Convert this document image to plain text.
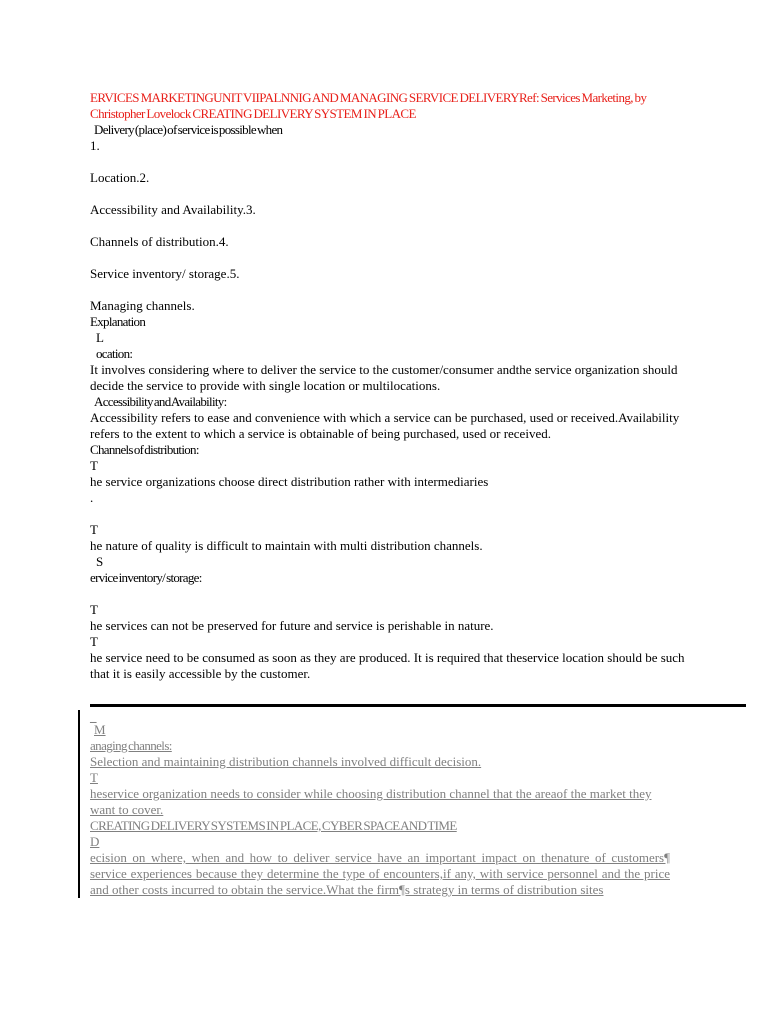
ERVICES MARKETINGUNIT VIIPALNNIG AND MANAGING SERVICE DELIVERYRef: Services Marketing, by Christopher Lovelock CREATING DELIVERY SYSTEM IN PLACE
Delivery (place) of service is possible when
1.
Location.2.
Accessibility and Availability.3.
Channels of distribution.4.
Service inventory/ storage.5.
Managing channels.
Explanation
L
ocation:
It involves considering where to deliver the service to the customer/consumer andthe service organization should decide the service to provide with single location or multilocations.
Accessibility and Availability:
Accessibility refers to ease and convenience with which a service can be purchased, used or received.Availability refers to the extent to which a service is obtainable of being purchased, used or received.
Channels of distribution:
T
he service organizations choose direct distribution rather with intermediaries
.
T
he nature of quality is difficult to maintain with multi distribution channels.
S
ervice inventory/ storage:
T
he services can not be preserved for future and service is perishable in nature.
T
he service need to be consumed as soon as they are produced. It is required that theservice location should be such that it is easily accessible by the customer.
_
M
anaging channels:
Selection and maintaining distribution channels involved difficult decision.
T
heservice organization needs to consider while choosing distribution channel that the areaof the market they want to cover.
CREATING DELIVERY SYSTEMS IN PLACE, CYBER SPACE AND TIME
D
ecision on where, when and how to deliver service have an important impact on thenature of customers¶ service experiences because they determine the type of encounters,if any, with service personnel and the price and other costs incurred to obtain the service.What the firm¶s strategy in terms of distribution sites
